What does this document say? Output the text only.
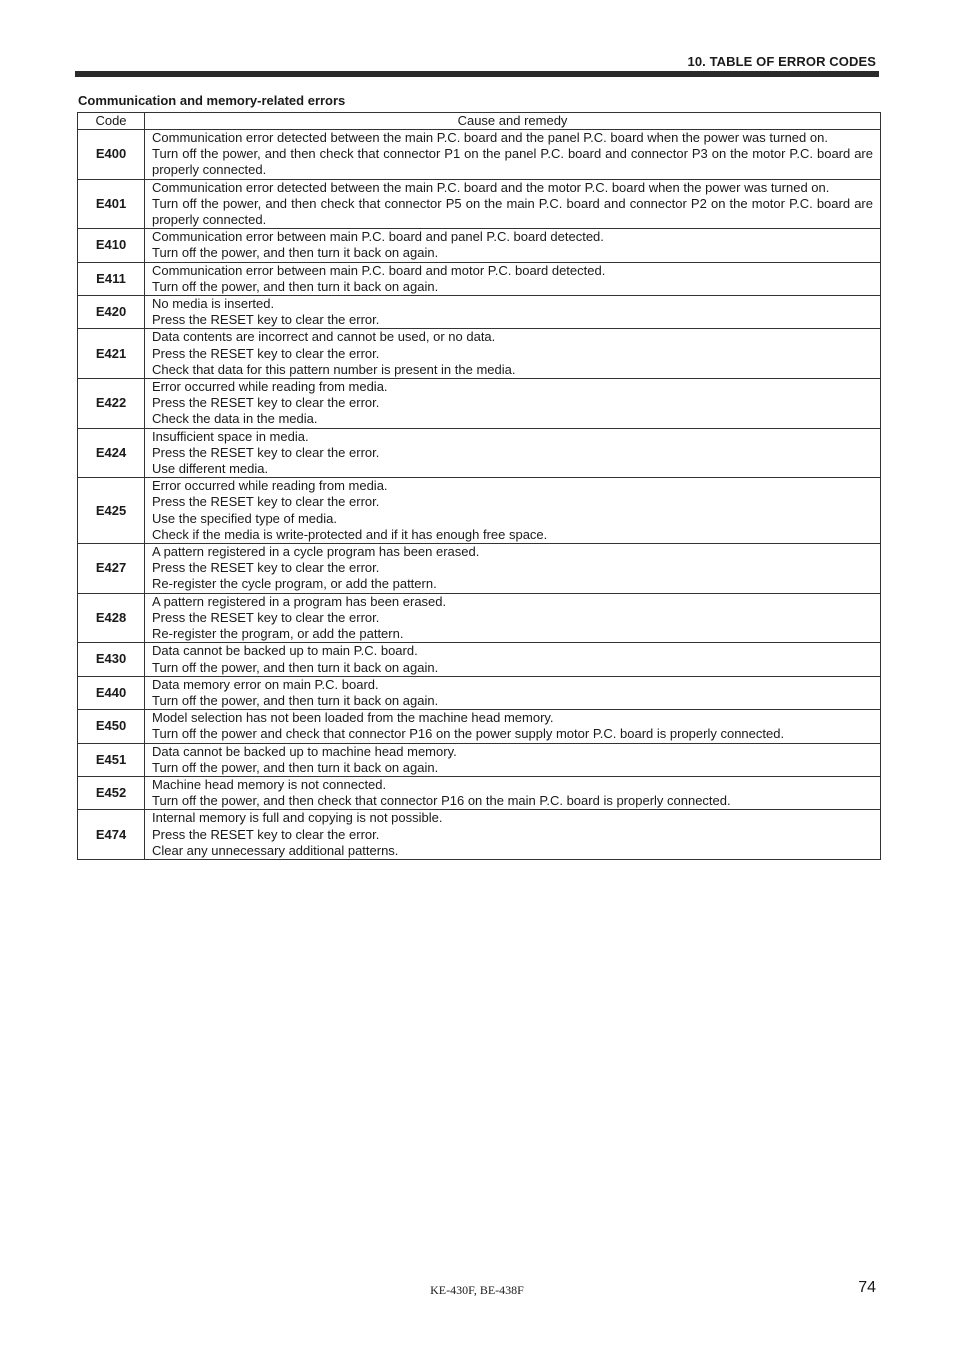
10. TABLE OF ERROR CODES
Communication and memory-related errors
Code	Cause and remedy
E400	Communication error detected between the main P.C. board and the panel P.C. board when the power was turned on.
Turn off the power, and then check that connector P1 on the panel P.C. board and connector P3 on the motor P.C. board are properly connected.

E401	Communication error detected between the main P.C. board and the motor P.C. board when the power was turned on.
Turn off the power, and then check that connector P5 on the main P.C. board and connector P2 on the motor P.C. board are properly connected.

E410	Communication error between main P.C. board and panel P.C. board detected.
Turn off the power, and then turn it back on again.

E411	Communication error between main P.C. board and motor P.C. board detected.
Turn off the power, and then turn it back on again.

E420	No media is inserted.
Press the RESET key to clear the error.

E421	Data contents are incorrect and cannot be used, or no data.
Press the RESET key to clear the error.
Check that data for this pattern number is present in the media.

E422	Error occurred while reading from media.
Press the RESET key to clear the error.
Check the data in the media.

E424	Insufficient space in media.
Press the RESET key to clear the error.
Use different media.

E425	Error occurred while reading from media.
Press the RESET key to clear the error.
Use the specified type of media.
Check if the media is write-protected and if it has enough free space.

E427	A pattern registered in a cycle program has been erased.
Press the RESET key to clear the error.
Re-register the cycle program, or add the pattern.

E428	A pattern registered in a program has been erased.
Press the RESET key to clear the error.
Re-register the program, or add the pattern.

E430	Data cannot be backed up to main P.C. board.
Turn off the power, and then turn it back on again.

E440	Data memory error on main P.C. board.
Turn off the power, and then turn it back on again.

E450	Model selection has not been loaded from the machine head memory.
Turn off the power and check that connector P16 on the power supply motor P.C. board is properly connected.

E451	Data cannot be backed up to machine head memory.
Turn off the power, and then turn it back on again.

E452	Machine head memory is not connected.
Turn off the power, and then check that connector P16 on the main P.C. board is properly connected.

E474	Internal memory is full and copying is not possible.
Press the RESET key to clear the error.
Clear any unnecessary additional patterns.
KE-430F, BE-438F	74
